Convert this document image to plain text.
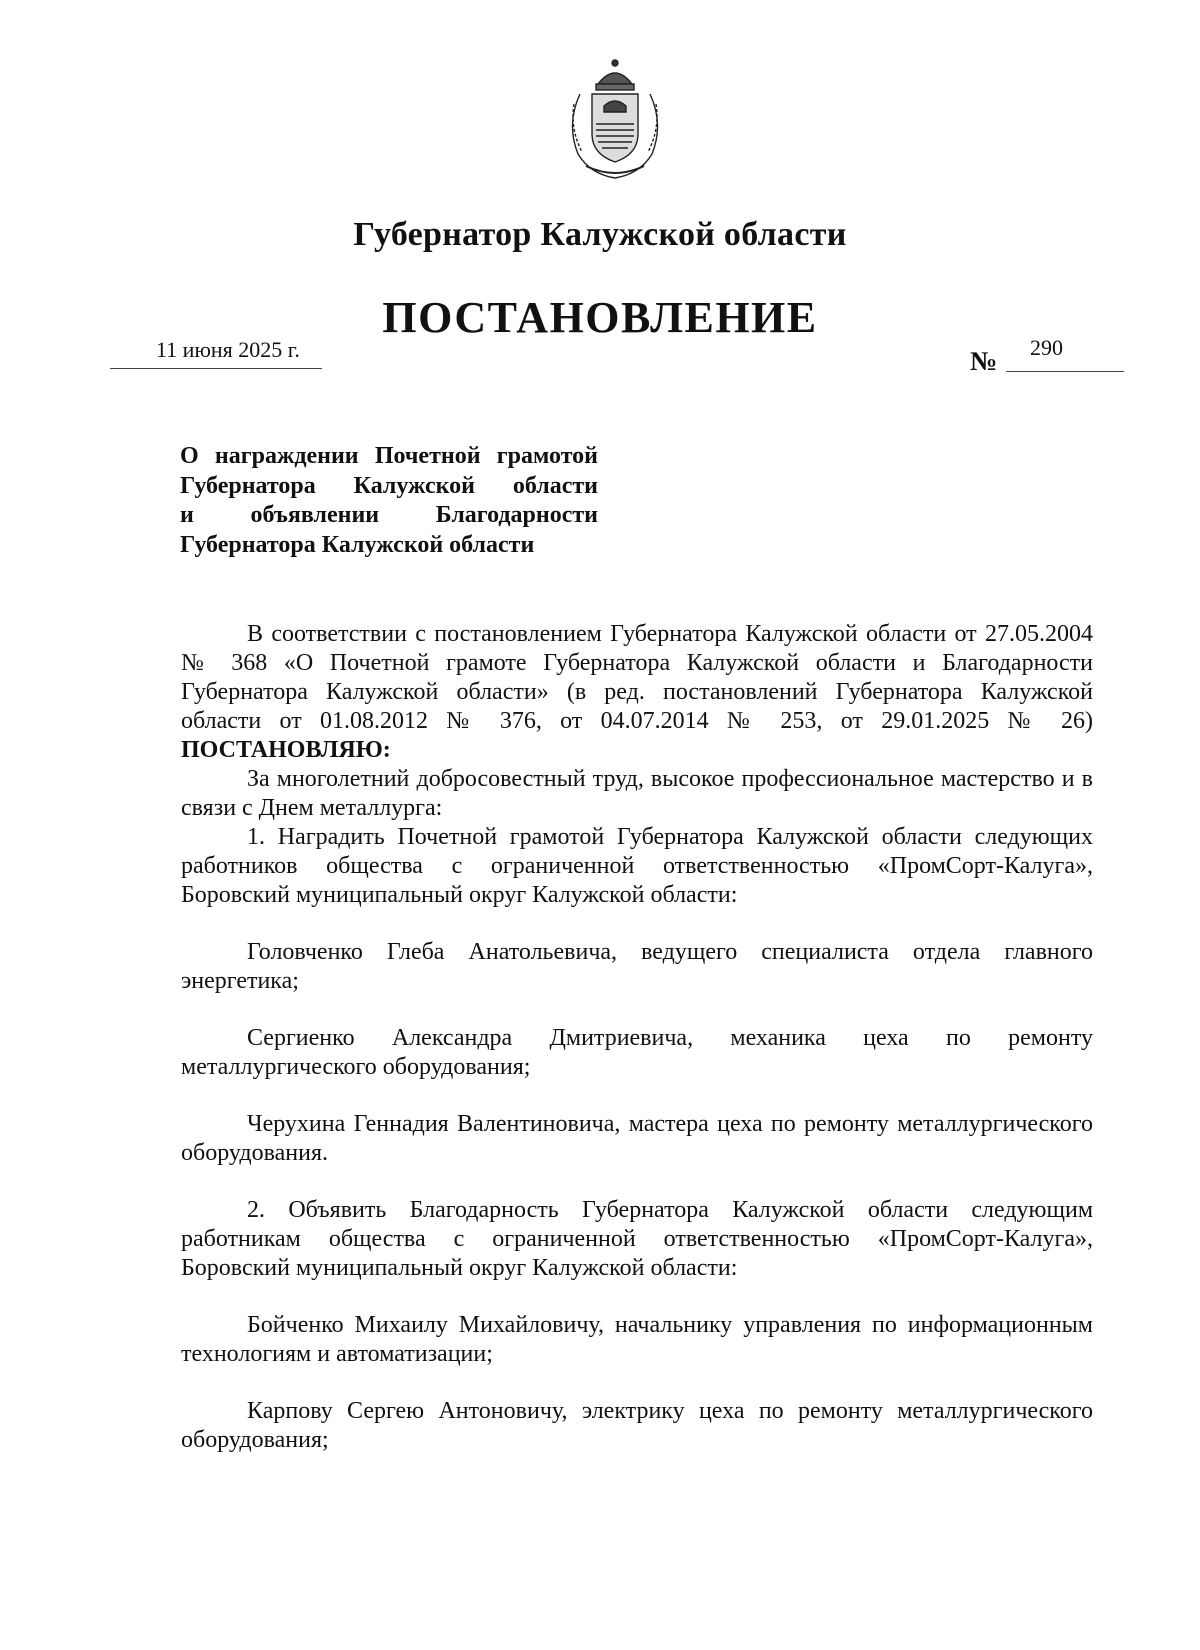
Губернатор Калужской области
ПОСТАНОВЛЕНИЕ
11 июня 2025 г.	№ 290
О награждении Почетной грамотой
Губернатора Калужской области
и объявлении Благодарности
Губернатора Калужской области

В соответствии с постановлением Губернатора Калужской области от 27.05.2004 № 368 «О Почетной грамоте Губернатора Калужской области и Благодарности Губернатора Калужской области» (в ред. постановлений Губернатора Калужской области от 01.08.2012 № 376, от 04.07.2014 № 253, от 29.01.2025 № 26) ПОСТАНОВЛЯЮ:

За многолетний добросовестный труд, высокое профессиональное мастерство и в связи с Днем металлурга:

1. Наградить Почетной грамотой Губернатора Калужской области следующих работников общества с ограниченной ответственностью «ПромСорт-Калуга», Боровский муниципальный округ Калужской области:

Головченко Глеба Анатольевича, ведущего специалиста отдела главного энергетика;

Сергиенко Александра Дмитриевича, механика цеха по ремонту металлургического оборудования;

Черухина Геннадия Валентиновича, мастера цеха по ремонту металлургического оборудования.

2. Объявить Благодарность Губернатора Калужской области следующим работникам общества с ограниченной ответственностью «ПромСорт-Калуга», Боровский муниципальный округ Калужской области:

Бойченко Михаилу Михайловичу, начальнику управления по информационным технологиям и автоматизации;

Карпову Сергею Антоновичу, электрику цеха по ремонту металлургического оборудования;
